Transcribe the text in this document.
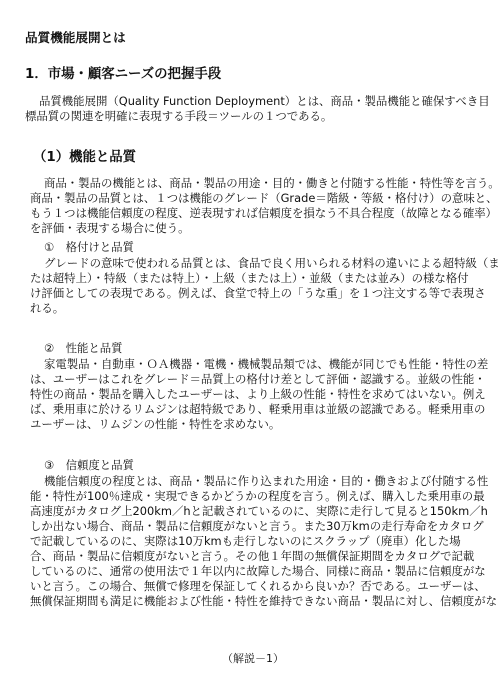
品質機能展開とは
1．市場・顧客ニーズの把握手段
品質機能展開（Quality Function Deployment）とは、商品・製品機能と確保すべき目
標品質の関連を明確に表現する手段＝ツールの１つである。
（1）機能と品質
商品・製品の機能とは、商品・製品の用途・目的・働きと付随する性能・特性等を言う。
商品・製品の品質とは、１つは機能のグレード（Grade＝階級・等級・格付け）の意味と、
もう１つは機能信頼度の程度、逆表現すれば信頼度を損なう不具合程度（故障となる確率）
を評価・表現する場合に使う。
①　格付けと品質
グレードの意味で使われる品質とは、食品で良く用いられる材料の違いによる超特級（ま
たは超特上）・特級（または特上）・上級（または上）・並級（または並み）の様な格付
け評価としての表現である。例えば、食堂で特上の「うな重」を１つ注文する等で表現さ
れる。
②　性能と品質
家電製品・自動車・ＯＡ機器・電機・機械製品類では、機能が同じでも性能・特性の差
は、ユーザーはこれをグレード＝品質上の格付け差として評価・認識する。並級の性能・
特性の商品・製品を購入したユーザーは、より上級の性能・特性を求めてはいない。例え
ば、乗用車に於けるリムジンは超特級であり、軽乗用車は並級の認識である。軽乗用車の
ユーザーは、リムジンの性能・特性を求めない。
③　信頼度と品質
機能信頼度の程度とは、商品・製品に作り込まれた用途・目的・働きおよび付随する性
能・特性が100％達成・実現できるかどうかの程度を言う。例えば、購入した乗用車の最
高速度がカタログ上200km／hと記載されているのに、実際に走行して見ると150km／h
しか出ない場合、商品・製品に信頼度がないと言う。また30万kmの走行寿命をカタログ
で記載しているのに、実際は10万kmも走行しないのにスクラップ（廃車）化した場
合、商品・製品に信頼度がないと言う。その他１年間の無償保証期間をカタログで記載
しているのに、通常の使用法で１年以内に故障した場合、同様に商品・製品に信頼度がな
いと言う。この場合、無償で修理を保証してくれるから良いか？否である。ユーザーは、
無償保証期間も満足に機能および性能・特性を維持できない商品・製品に対し、信頼度がな
（解説－1）
